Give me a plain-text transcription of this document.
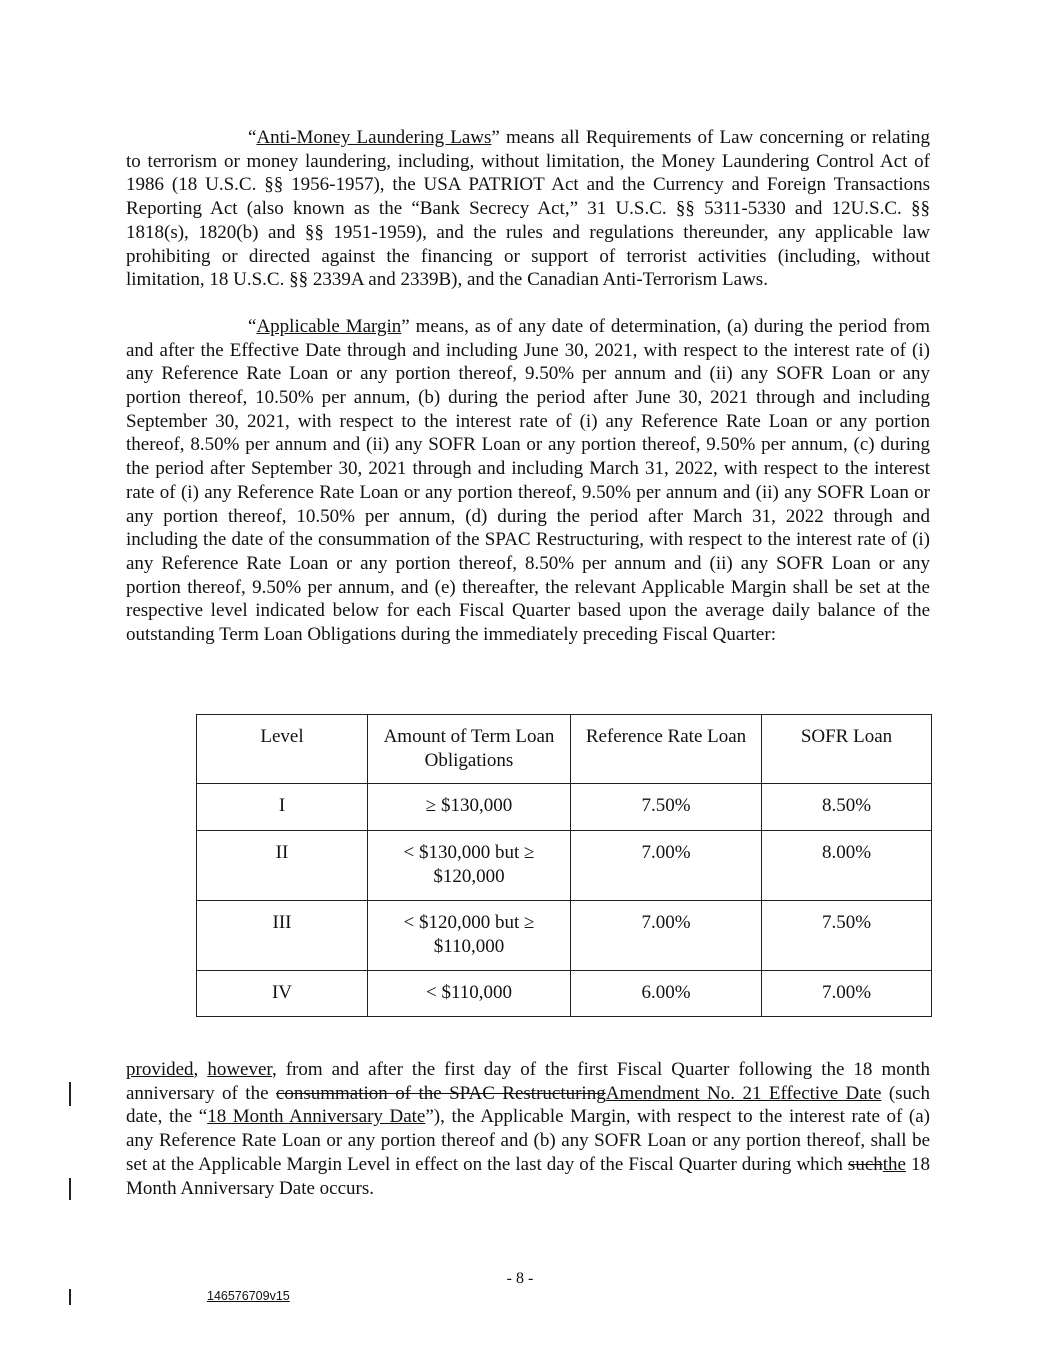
“Anti-Money Laundering Laws” means all Requirements of Law concerning or relating to terrorism or money laundering, including, without limitation, the Money Laundering Control Act of 1986 (18 U.S.C. §§ 1956-1957), the USA PATRIOT Act and the Currency and Foreign Transactions Reporting Act (also known as the “Bank Secrecy Act,” 31 U.S.C. §§ 5311-5330 and 12U.S.C. §§ 1818(s), 1820(b) and §§ 1951-1959), and the rules and regulations thereunder, any applicable law prohibiting or directed against the financing or support of terrorist activities (including, without limitation, 18 U.S.C. §§ 2339A and 2339B), and the Canadian Anti-Terrorism Laws.

“Applicable Margin” means, as of any date of determination, (a) during the period from and after the Effective Date through and including June 30, 2021, with respect to the interest rate of (i) any Reference Rate Loan or any portion thereof, 9.50% per annum and (ii) any SOFR Loan or any portion thereof, 10.50% per annum, (b) during the period after June 30, 2021 through and including September 30, 2021, with respect to the interest rate of (i) any Reference Rate Loan or any portion thereof, 8.50% per annum and (ii) any SOFR Loan or any portion thereof, 9.50% per annum, (c) during the period after September 30, 2021 through and including March 31, 2022, with respect to the interest rate of (i) any Reference Rate Loan or any portion thereof, 9.50% per annum and (ii) any SOFR Loan or any portion thereof, 10.50% per annum, (d) during the period after March 31, 2022 through and including the date of the consummation of the SPAC Restructuring, with respect to the interest rate of (i) any Reference Rate Loan or any portion thereof, 8.50% per annum and (ii) any SOFR Loan or any portion thereof, 9.50% per annum, and (e) thereafter, the relevant Applicable Margin shall be set at the respective level indicated below for each Fiscal Quarter based upon the average daily balance of the outstanding Term Loan Obligations during the immediately preceding Fiscal Quarter:

Level	Amount of Term Loan Obligations	Reference Rate Loan	SOFR Loan
I	≥ $130,000	7.50%	8.50%
II	< $130,000 but ≥ $120,000	7.00%	8.00%
III	< $120,000 but ≥ $110,000	7.00%	7.50%
IV	< $110,000	6.00%	7.00%

provided, however, from and after the first day of the first Fiscal Quarter following the 18 month anniversary of the consummation of the SPAC RestructuringAmendment No. 21 Effective Date (such date, the “18 Month Anniversary Date”), the Applicable Margin, with respect to the interest rate of (a) any Reference Rate Loan or any portion thereof and (b) any SOFR Loan or any portion thereof, shall be set at the Applicable Margin Level in effect on the last day of the Fiscal Quarter during which suchthe 18 Month Anniversary Date occurs.

- 8 -
146576709v15
